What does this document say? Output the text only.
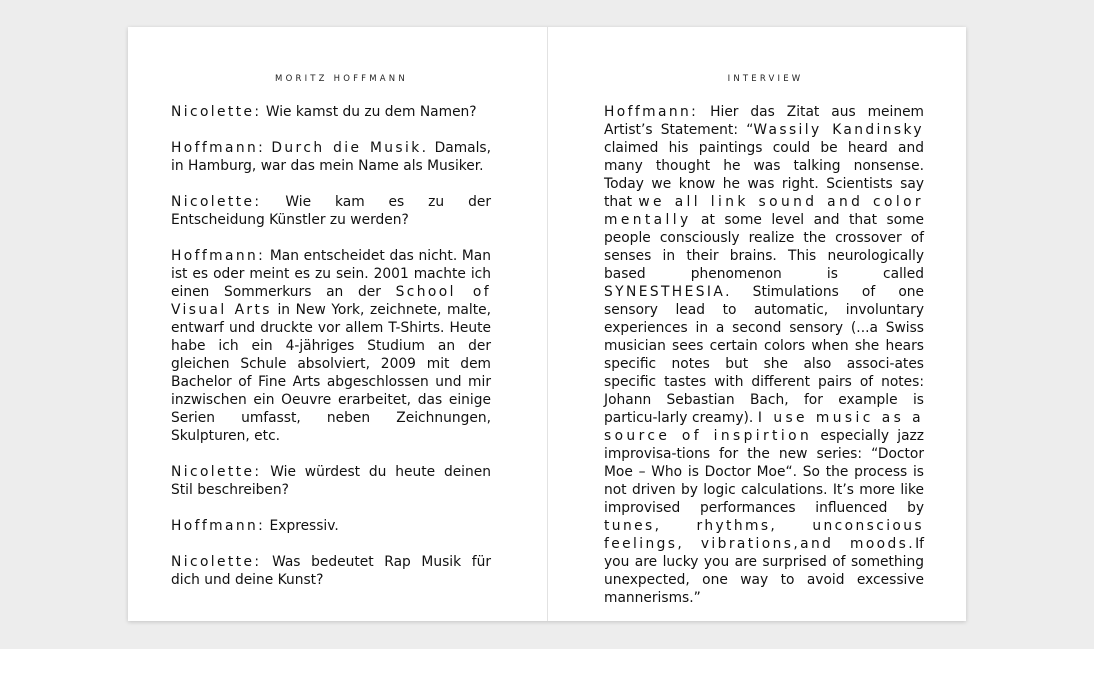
MORITZ HOFFMANN

Nicolette: Wie kamst du zu dem Namen?

Hoffmann: Durch die Musik. Damals, in Hamburg, war das mein Name als Musiker.

Nicolette: Wie kam es zu der Entscheidung Künstler zu werden?

Hoffmann: Man entscheidet das nicht. Man ist es oder meint es zu sein. 2001 machte ich einen Sommerkurs an der School of Visual Arts in New York, zeichnete, malte, entwarf und druckte vor allem T-Shirts. Heute habe ich ein 4-jähriges Studium an der gleichen Schule absolviert, 2009 mit dem Bachelor of Fine Arts abgeschlossen und mir inzwischen ein Oeuvre erarbeitet, das einige Serien umfasst, neben Zeichnungen, Skulpturen, etc.

Nicolette: Wie würdest du heute deinen Stil beschreiben?

Hoffmann: Expressiv.

Nicolette: Was bedeutet Rap Musik für dich und deine Kunst?

INTERVIEW

Hoffmann: Hier das Zitat aus meinem Artist’s Statement: “Wassily Kandinsky claimed his paintings could be heard and many thought he was talking nonsense. Today we know he was right. Scientists say that we all link sound and color mentally at some level and that some people consciously realize the crossover of senses in their brains. This neurologically based phenomenon is called SYNESTHESIA. Stimulations of one sensory lead to automatic, involuntary experiences in a second sensory (...a Swiss musician sees certain colors when she hears specific notes but she also associ-ates specific tastes with different pairs of notes: Johann Sebastian Bach, for example is particu-larly creamy). I use music as a source of inspirtion especially jazz improvisa-tions for the new series: “Doctor Moe – Who is Doctor Moe“. So the process is not driven by logic calculations. It’s more like improvised performances influenced by tunes, rhythms, unconscious feelings, vibrations,and moods.If you are lucky you are surprised of something unexpected, one way to avoid excessive mannerisms.”
